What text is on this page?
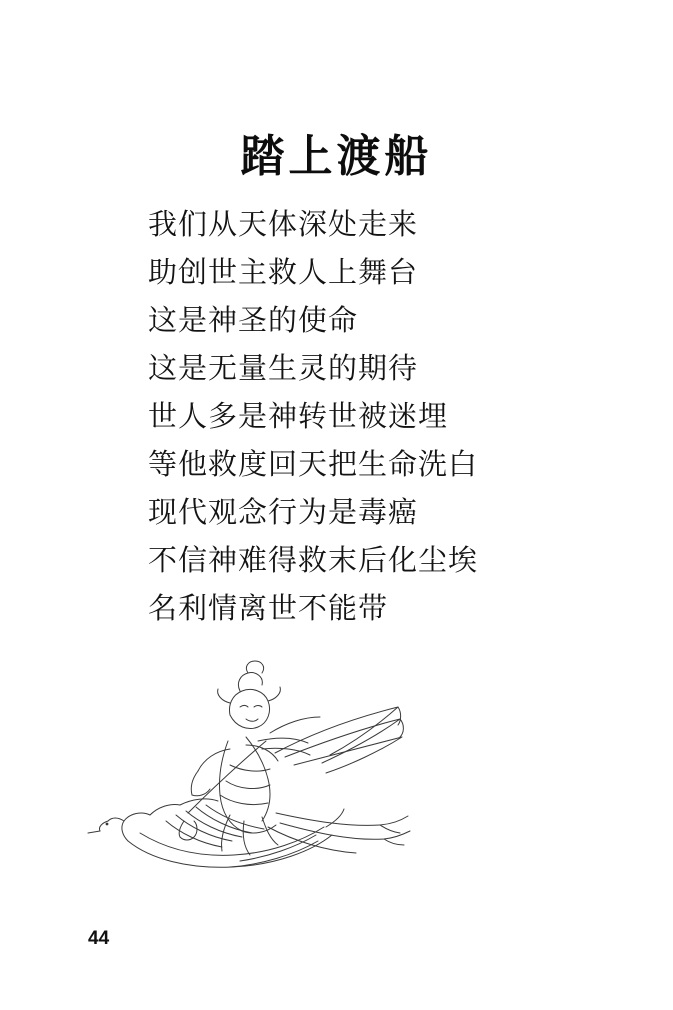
踏上渡船
我们从天体深处走来
助创世主救人上舞台
这是神圣的使命
这是无量生灵的期待
世人多是神转世被迷埋
等他救度回天把生命洗白
现代观念行为是毒癌
不信神难得救末后化尘埃
名利情离世不能带
44
